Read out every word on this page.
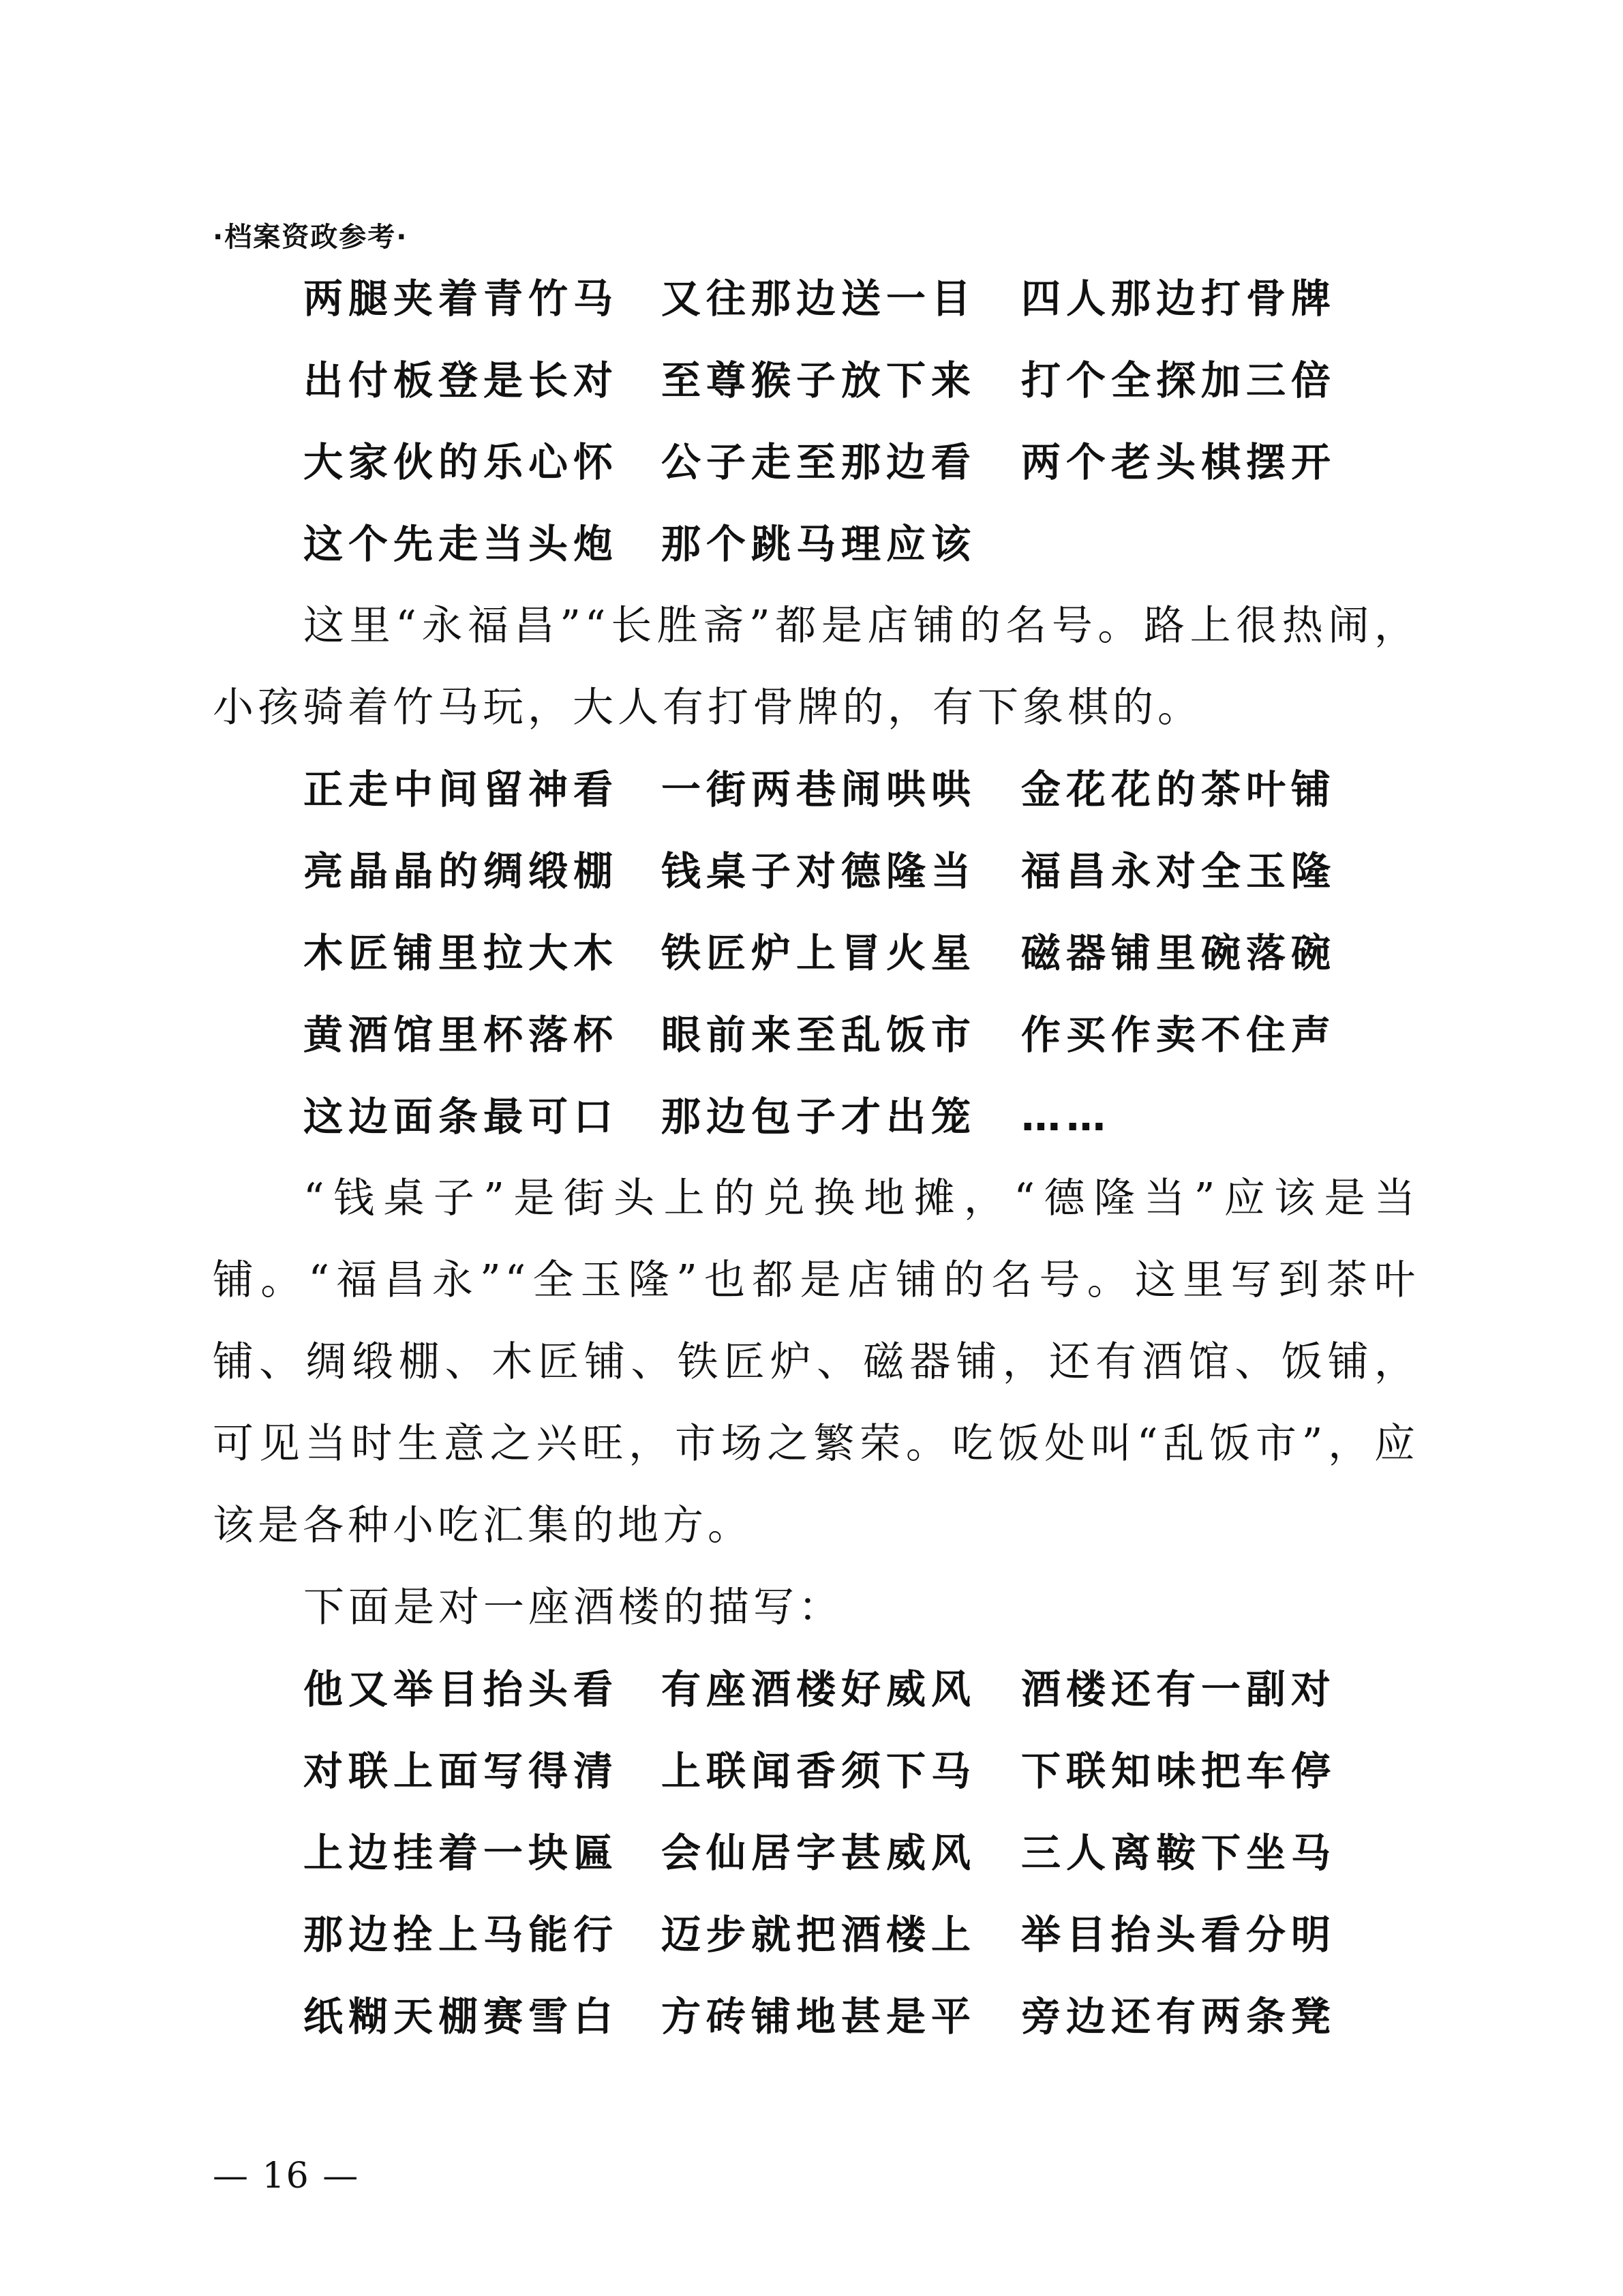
·档案资政参考·
两腿夹着青竹马 又往那边送一目 四人那边打骨牌
出付板登是长对 至尊猴子放下来 打个全探加三倍
大家伙的乐心怀 公子走至那边看 两个老头棋摆开
这个先走当头炮 那个跳马理应该

这里“永福昌”“长胜斋”都是店铺的名号。路上很热闹，小孩骑着竹马玩，大人有打骨牌的，有下象棋的。

正走中间留神看 一街两巷闹哄哄 金花花的茶叶铺
亮晶晶的绸缎棚 钱桌子对德隆当 福昌永对全玉隆
木匠铺里拉大木 铁匠炉上冒火星 磁器铺里碗落碗
黄酒馆里杯落杯 眼前来至乱饭市 作买作卖不住声
这边面条最可口 那边包子才出笼 ……

“钱桌子”是街头上的兑换地摊，“德隆当”应该是当铺。“福昌永”“全玉隆”也都是店铺的名号。这里写到茶叶铺、绸缎棚、木匠铺、铁匠炉、磁器铺，还有酒馆、饭铺，可见当时生意之兴旺，市场之繁荣。吃饭处叫“乱饭市”，应该是各种小吃汇集的地方。

下面是对一座酒楼的描写：

他又举目抬头看 有座酒楼好威风 酒楼还有一副对
对联上面写得清 上联闻香须下马 下联知味把车停
上边挂着一块匾 会仙居字甚威风 三人离鞍下坐马
那边拴上马能行 迈步就把酒楼上 举目抬头看分明
纸糊天棚赛雪白 方砖铺地甚是平 旁边还有两条凳
— 16 —
